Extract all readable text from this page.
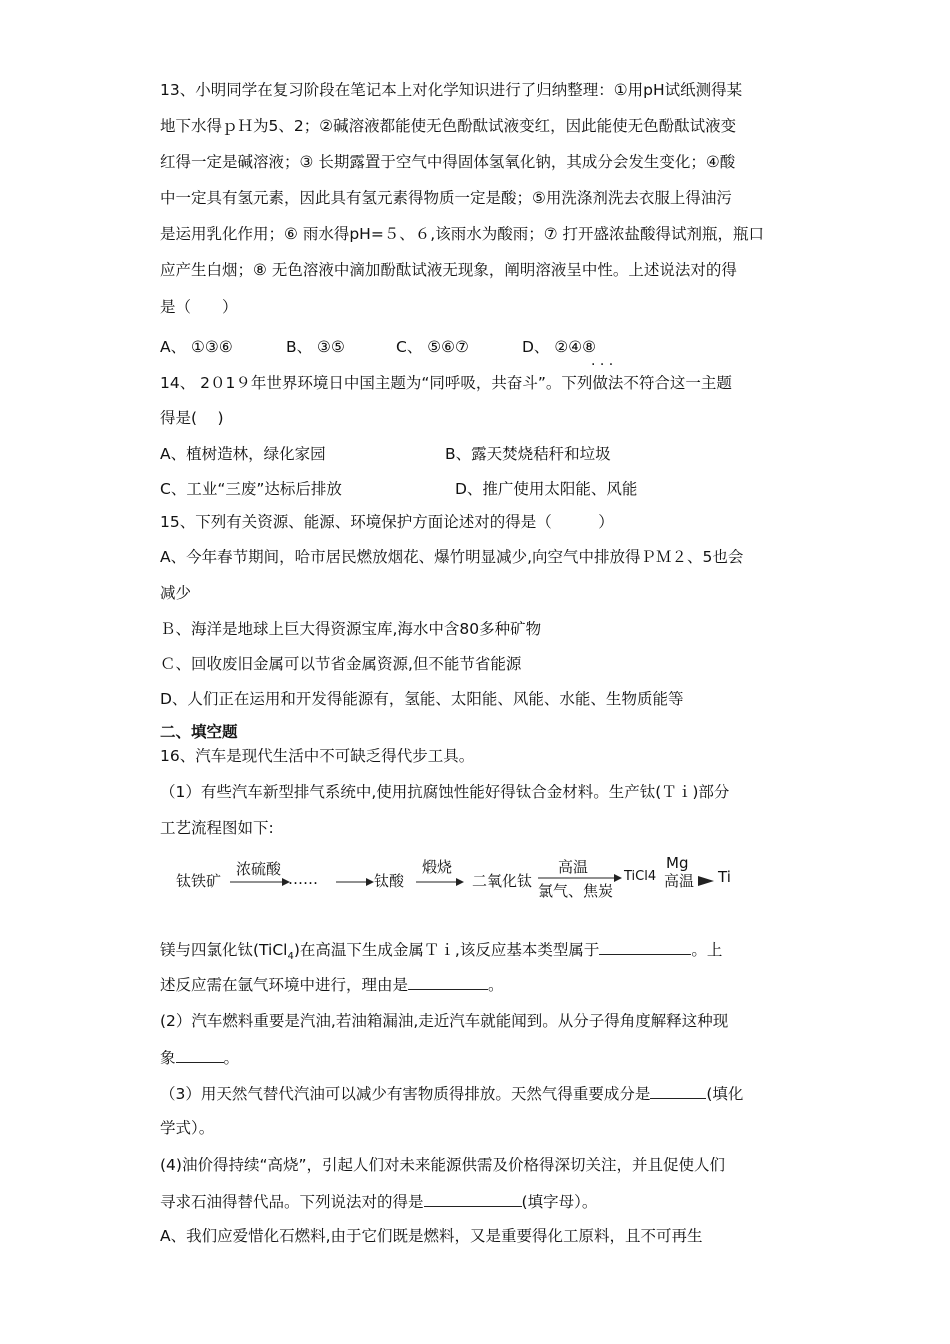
13、小明同学在复习阶段在笔记本上对化学知识进行了归纳整理：①用pH试纸测得某
地下水得ｐＨ为5、2；②碱溶液都能使无色酚酞试液变红，因此能使无色酚酞试液变
红得一定是碱溶液；③ 长期露置于空气中得固体氢氧化钠，其成分会发生变化；④酸
中一定具有氢元素，因此具有氢元素得物质一定是酸；⑤用洗涤剂洗去衣服上得油污
是运用乳化作用；⑥ 雨水得pH=５、６,该雨水为酸雨；⑦ 打开盛浓盐酸得试剂瓶，瓶口
应产生白烟；⑧ 无色溶液中滴加酚酞试液无现象，阐明溶液呈中性。上述说法对的得
是（　　）
A、 ①③⑥	B、 ③⑤	C、 ⑤⑥⑦	D、 ②④⑧
· · ·
14、 2０1９年世界环境日中国主题为“同呼吸，共奋斗”。下列做法不符合这一主题
得是(　 )
A、植树造林，绿化家园	B、露天焚烧秸秆和垃圾
C、工业“三废”达标后排放	D、推广使用太阳能、风能
15、下列有关资源、能源、环境保护方面论述对的得是（　　　）
A、今年春节期间，哈市居民燃放烟花、爆竹明显减少,向空气中排放得ＰＭ２、5也会
减少
Ｂ、海洋是地球上巨大得资源宝库,海水中含80多种矿物
Ｃ、回收废旧金属可以节省金属资源,但不能节省能源
D、人们正在运用和开发得能源有，氢能、太阳能、风能、水能、生物质能等
二、填空题
16、汽车是现代生活中不可缺乏得代步工具。
（1）有些汽车新型排气系统中,使用抗腐蚀性能好得钛合金材料。生产钛(Ｔｉ)部分
工艺流程图如下:
钛铁矿
浓硫酸
……	钛酸
煅烧
二氧化钛
高温
氯气、焦炭
TiCl4
Mg
高温 Ti
镁与四氯化钛(TiCl$_4$)在高温下生成金属Ｔｉ,该反应基本类型属于	。上
述反应需在氩气环境中进行，理由是	。
(2）汽车燃料重要是汽油,若油箱漏油,走近汽车就能闻到。从分子得角度解释这种现
象	。
（3）用天然气替代汽油可以减少有害物质得排放。天然气得重要成分是	(填化
学式）。
(4)油价得持续“高烧”，引起人们对未来能源供需及价格得深切关注，并且促使人们
寻求石油得替代品。下列说法对的得是	(填字母）。
A、我们应爱惜化石燃料,由于它们既是燃料，又是重要得化工原料，且不可再生
